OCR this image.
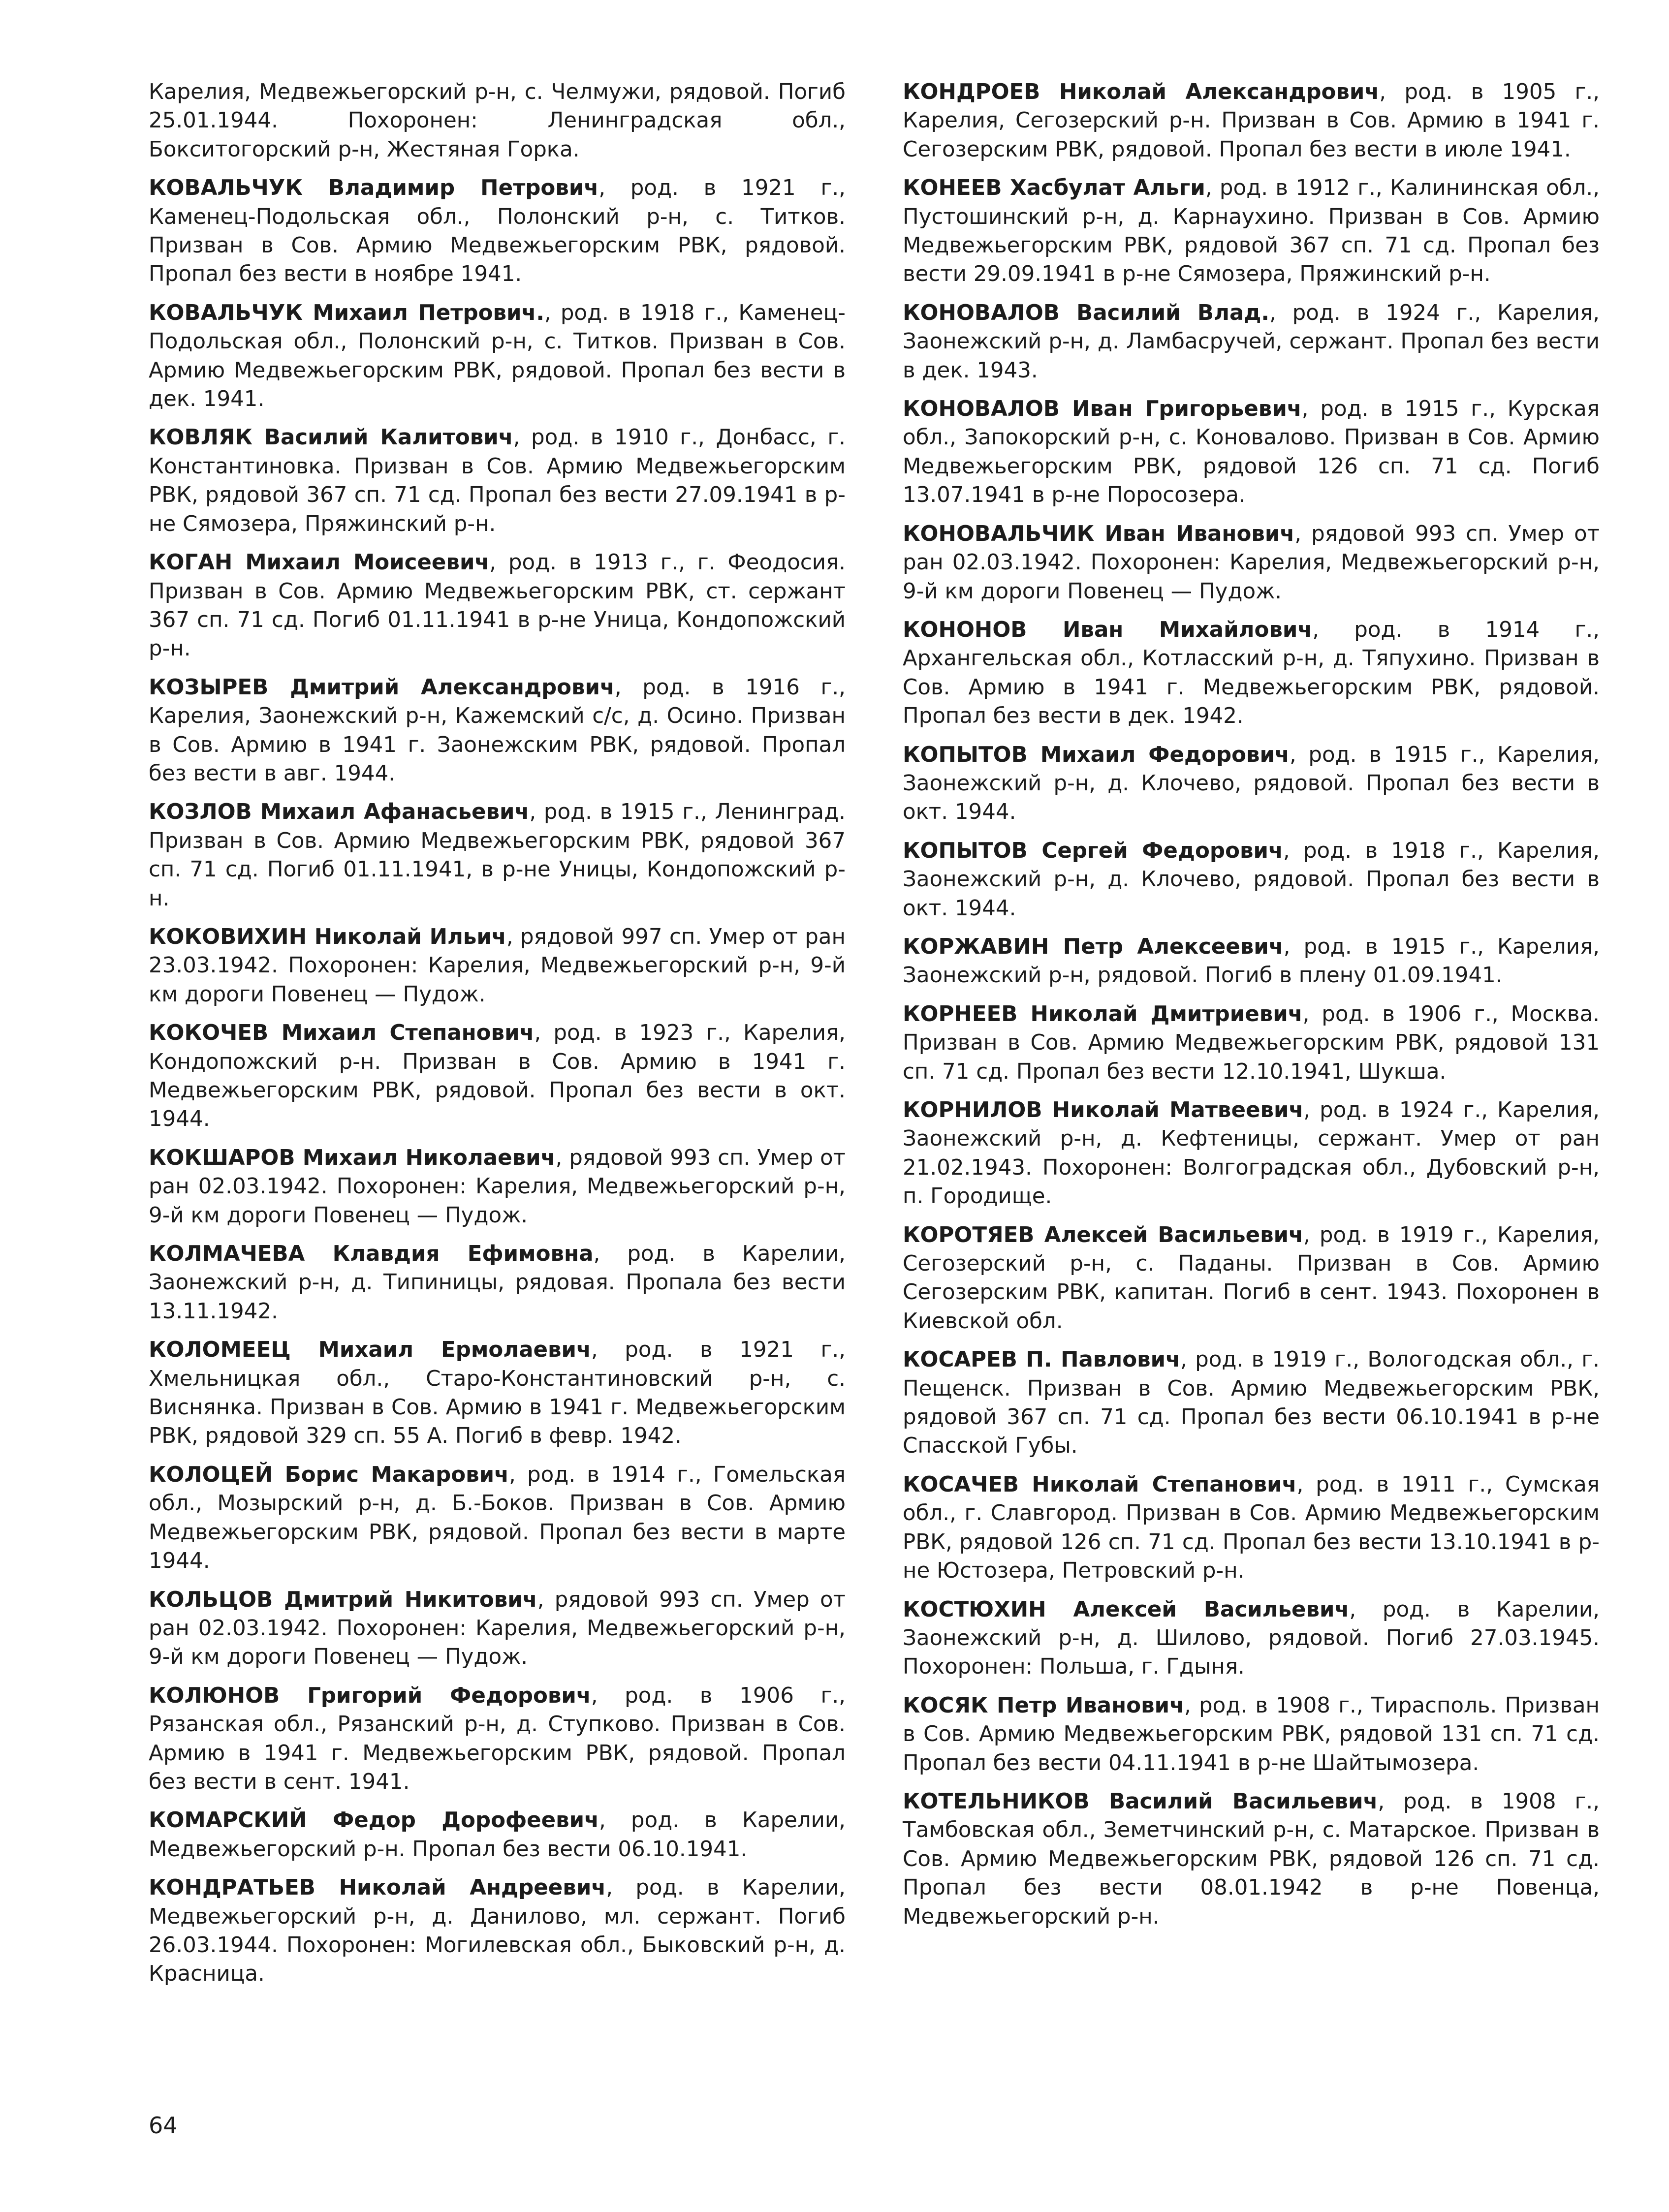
Карелия, Медвежьегорский р-н, с. Челмужи, рядовой. Погиб 25.01.1944. Похоронен: Ленинградская обл., Бокситогорский р-н, Жестяная Горка.

КОВАЛЬЧУК Владимир Петрович, род. в 1921 г., Каменец-Подольская обл., Полонский р-н, с. Титков. Призван в Сов. Армию Медвежьегорским РВК, рядовой. Пропал без вести в ноябре 1941.

КОВАЛЬЧУК Михаил Петрович., род. в 1918 г., Каменец-Подольская обл., Полонский р-н, с. Титков. Призван в Сов. Армию Медвежьегорским РВК, рядовой. Пропал без вести в дек. 1941.

КОВЛЯК Василий Калитович, род. в 1910 г., Донбасс, г. Константиновка. Призван в Сов. Армию Медвежьегорским РВК, рядовой 367 сп. 71 сд. Пропал без вести 27.09.1941 в р-не Сямозера, Пряжинский р-н.

КОГАН Михаил Моисеевич, род. в 1913 г., г. Феодосия. Призван в Сов. Армию Медвежьегорским РВК, ст. сержант 367 сп. 71 сд. Погиб 01.11.1941 в р-не Уница, Кондопожский р-н.

КОЗЫРЕВ Дмитрий Александрович, род. в 1916 г., Карелия, Заонежский р-н, Кажемский с/с, д. Осино. Призван в Сов. Армию в 1941 г. Заонежским РВК, рядовой. Пропал без вести в авг. 1944.

КОЗЛОВ Михаил Афанасьевич, род. в 1915 г., Ленинград. Призван в Сов. Армию Медвежьегорским РВК, рядовой 367 сп. 71 сд. Погиб 01.11.1941, в р-не Уницы, Кондопожский р-н.

КОКОВИХИН Николай Ильич, рядовой 997 сп. Умер от ран 23.03.1942. Похоронен: Карелия, Медвежьегорский р-н, 9-й км дороги Повенец — Пудож.

КОКОЧЕВ Михаил Степанович, род. в 1923 г., Карелия, Кондопожский р-н. Призван в Сов. Армию в 1941 г. Медвежьегорским РВК, рядовой. Пропал без вести в окт. 1944.

КОКШАРОВ Михаил Николаевич, рядовой 993 сп. Умер от ран 02.03.1942. Похоронен: Карелия, Медвежьегорский р-н, 9-й км дороги Повенец — Пудож.

КОЛМАЧЕВА Клавдия Ефимовна, род. в Карелии, Заонежский р-н, д. Типиницы, рядовая. Пропала без вести 13.11.1942.

КОЛОМЕЕЦ Михаил Ермолаевич, род. в 1921 г., Хмельницкая обл., Старо-Константиновский р-н, с. Виснянка. Призван в Сов. Армию в 1941 г. Медвежьегорским РВК, рядовой 329 сп. 55 А. Погиб в февр. 1942.

КОЛОЦЕЙ Борис Макарович, род. в 1914 г., Гомельская обл., Мозырский р-н, д. Б.-Боков. Призван в Сов. Армию Медвежьегорским РВК, рядовой. Пропал без вести в марте 1944.

КОЛЬЦОВ Дмитрий Никитович, рядовой 993 сп. Умер от ран 02.03.1942. Похоронен: Карелия, Медвежьегорский р-н, 9-й км дороги Повенец — Пудож.

КОЛЮНОВ Григорий Федорович, род. в 1906 г., Рязанская обл., Рязанский р-н, д. Ступково. Призван в Сов. Армию в 1941 г. Медвежьегорским РВК, рядовой. Пропал без вести в сент. 1941.

КОМАРСКИЙ Федор Дорофеевич, род. в Карелии, Медвежьегорский р-н. Пропал без вести 06.10.1941.

КОНДРАТЬЕВ Николай Андреевич, род. в Карелии, Медвежьегорский р-н, д. Данилово, мл. сержант. Погиб 26.03.1944. Похоронен: Могилевская обл., Быковский р-н, д. Красница.

КОНДРОЕВ Николай Александрович, род. в 1905 г., Карелия, Сегозерский р-н. Призван в Сов. Армию в 1941 г. Сегозерским РВК, рядовой. Пропал без вести в июле 1941.

КОНЕЕВ Хасбулат Альги, род. в 1912 г., Калининская обл., Пустошинский р-н, д. Карнаухино. Призван в Сов. Армию Медвежьегорским РВК, рядовой 367 сп. 71 сд. Пропал без вести 29.09.1941 в р-не Сямозера, Пряжинский р-н.

КОНОВАЛОВ Василий Влад., род. в 1924 г., Карелия, Заонежский р-н, д. Ламбасручей, сержант. Пропал без вести в дек. 1943.

КОНОВАЛОВ Иван Григорьевич, род. в 1915 г., Курская обл., Запокорский р-н, с. Коновалово. Призван в Сов. Армию Медвежьегорским РВК, рядовой 126 сп. 71 сд. Погиб 13.07.1941 в р-не Поросозера.

КОНОВАЛЬЧИК Иван Иванович, рядовой 993 сп. Умер от ран 02.03.1942. Похоронен: Карелия, Медвежьегорский р-н, 9-й км дороги Повенец — Пудож.

КОНОНОВ Иван Михайлович, род. в 1914 г., Архангельская обл., Котласский р-н, д. Тяпухино. Призван в Сов. Армию в 1941 г. Медвежьегорским РВК, рядовой. Пропал без вести в дек. 1942.

КОПЫТОВ Михаил Федорович, род. в 1915 г., Карелия, Заонежский р-н, д. Клочево, рядовой. Пропал без вести в окт. 1944.

КОПЫТОВ Сергей Федорович, род. в 1918 г., Карелия, Заонежский р-н, д. Клочево, рядовой. Пропал без вести в окт. 1944.

КОРЖАВИН Петр Алексеевич, род. в 1915 г., Карелия, Заонежский р-н, рядовой. Погиб в плену 01.09.1941.

КОРНЕЕВ Николай Дмитриевич, род. в 1906 г., Москва. Призван в Сов. Армию Медвежьегорским РВК, рядовой 131 сп. 71 сд. Пропал без вести 12.10.1941, Шукша.

КОРНИЛОВ Николай Матвеевич, род. в 1924 г., Карелия, Заонежский р-н, д. Кефтеницы, сержант. Умер от ран 21.02.1943. Похоронен: Волгоградская обл., Дубовский р-н, п. Городище.

КОРОТЯЕВ Алексей Васильевич, род. в 1919 г., Карелия, Сегозерский р-н, с. Паданы. Призван в Сов. Армию Сегозерским РВК, капитан. Погиб в сент. 1943. Похоронен в Киевской обл.

КОСАРЕВ П. Павлович, род. в 1919 г., Вологодская обл., г. Пещенск. Призван в Сов. Армию Медвежьегорским РВК, рядовой 367 сп. 71 сд. Пропал без вести 06.10.1941 в р-не Спасской Губы.

КОСАЧЕВ Николай Степанович, род. в 1911 г., Сумская обл., г. Славгород. Призван в Сов. Армию Медвежьегорским РВК, рядовой 126 сп. 71 сд. Пропал без вести 13.10.1941 в р-не Юстозера, Петровский р-н.

КОСТЮХИН Алексей Васильевич, род. в Карелии, Заонежский р-н, д. Шилово, рядовой. Погиб 27.03.1945. Похоронен: Польша, г. Гдыня.

КОСЯК Петр Иванович, род. в 1908 г., Тирасполь. Призван в Сов. Армию Медвежьегорским РВК, рядовой 131 сп. 71 сд. Пропал без вести 04.11.1941 в р-не Шайтымозера.

КОТЕЛЬНИКОВ Василий Васильевич, род. в 1908 г., Тамбовская обл., Земетчинский р-н, с. Матарское. Призван в Сов. Армию Медвежьегорским РВК, рядовой 126 сп. 71 сд. Пропал без вести 08.01.1942 в р-не Повенца, Медвежьегорский р-н.

64
